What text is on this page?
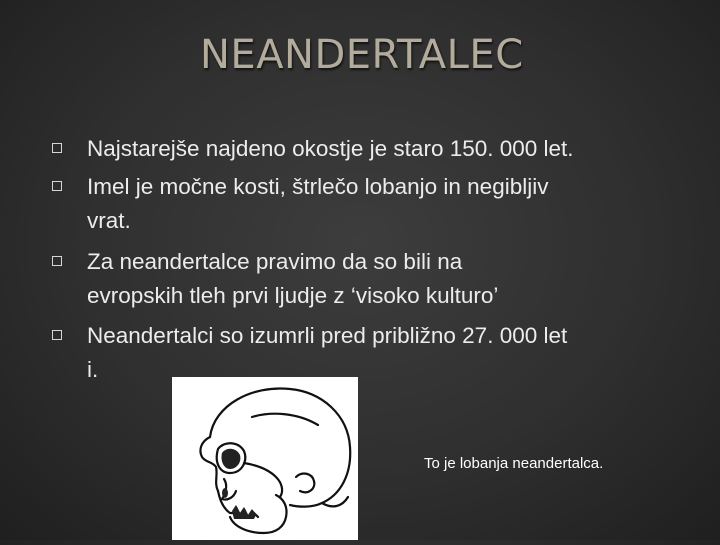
NEANDERTALEC
Najstarejše najdeno okostje je staro 150. 000 let.
Imel je močne kosti, štrlečo lobanjo in negibljiv
vrat.
Za neandertalce pravimo da so bili na
evropskih tleh prvi ljudje z ‘visoko kulturo’
Neandertalci so izumrli pred približno 27. 000 let
i.
To je lobanja neandertalca.
